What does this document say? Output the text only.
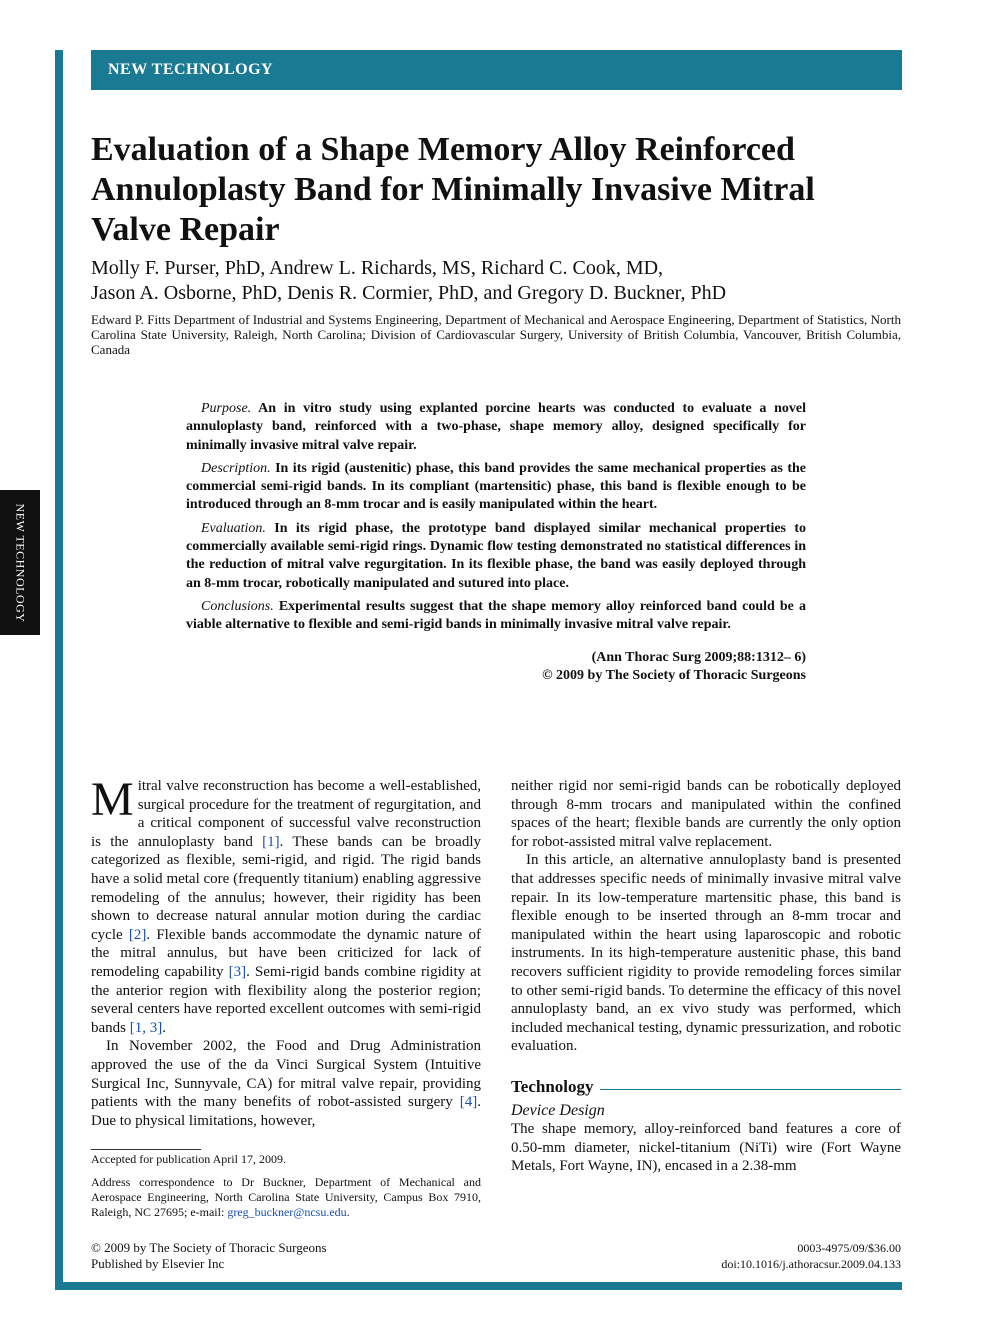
NEW TECHNOLOGY
NEW TECHNOLOGY
Evaluation of a Shape Memory Alloy Reinforced Annuloplasty Band for Minimally Invasive Mitral Valve Repair
Molly F. Purser, PhD, Andrew L. Richards, MS, Richard C. Cook, MD,
Jason A. Osborne, PhD, Denis R. Cormier, PhD, and Gregory D. Buckner, PhD
Edward P. Fitts Department of Industrial and Systems Engineering, Department of Mechanical and Aerospace Engineering, Department of Statistics, North Carolina State University, Raleigh, North Carolina; Division of Cardiovascular Surgery, University of British Columbia, Vancouver, British Columbia, Canada

Purpose. An in vitro study using explanted porcine hearts was conducted to evaluate a novel annuloplasty band, reinforced with a two-phase, shape memory alloy, designed specifically for minimally invasive mitral valve repair.

Description. In its rigid (austenitic) phase, this band provides the same mechanical properties as the commercial semi-rigid bands. In its compliant (martensitic) phase, this band is flexible enough to be introduced through an 8-mm trocar and is easily manipulated within the heart.

Evaluation. In its rigid phase, the prototype band displayed similar mechanical properties to commercially available semi-rigid rings. Dynamic flow testing demonstrated no statistical differences in the reduction of mitral valve regurgitation. In its flexible phase, the band was easily deployed through an 8-mm trocar, robotically manipulated and sutured into place.

Conclusions. Experimental results suggest that the shape memory alloy reinforced band could be a viable alternative to flexible and semi-rigid bands in minimally invasive mitral valve repair.

(Ann Thorac Surg 2009;88:1312– 6)
© 2009 by The Society of Thoracic Surgeons

Mitral valve reconstruction has become a well-established, surgical procedure for the treatment of regurgitation, and a critical component of successful valve reconstruction is the annuloplasty band [1]. These bands can be broadly categorized as flexible, semi-rigid, and rigid. The rigid bands have a solid metal core (frequently titanium) enabling aggressive remodeling of the annulus; however, their rigidity has been shown to decrease natural annular motion during the cardiac cycle [2]. Flexible bands accommodate the dynamic nature of the mitral annulus, but have been criticized for lack of remodeling capability [3]. Semi-rigid bands combine rigidity at the anterior region with flexibility along the posterior region; several centers have reported excellent outcomes with semi-rigid bands [1, 3].

In November 2002, the Food and Drug Administration approved the use of the da Vinci Surgical System (Intuitive Surgical Inc, Sunnyvale, CA) for mitral valve repair, providing patients with the many benefits of robot-assisted surgery [4]. Due to physical limitations, however,

neither rigid nor semi-rigid bands can be robotically deployed through 8-mm trocars and manipulated within the confined spaces of the heart; flexible bands are currently the only option for robot-assisted mitral valve replacement.

In this article, an alternative annuloplasty band is presented that addresses specific needs of minimally invasive mitral valve repair. In its low-temperature martensitic phase, this band is flexible enough to be inserted through an 8-mm trocar and manipulated within the heart using laparoscopic and robotic instruments. In its high-temperature austenitic phase, this band recovers sufficient rigidity to provide remodeling forces similar to other semi-rigid bands. To determine the efficacy of this novel annuloplasty band, an ex vivo study was performed, which included mechanical testing, dynamic pressurization, and robotic evaluation.

Technology
Device Design

The shape memory, alloy-reinforced band features a core of 0.50-mm diameter, nickel-titanium (NiTi) wire (Fort Wayne Metals, Fort Wayne, IN), encased in a 2.38-mm

Accepted for publication April 17, 2009.

Address correspondence to Dr Buckner, Department of Mechanical and Aerospace Engineering, North Carolina State University, Campus Box 7910, Raleigh, NC 27695; e-mail: greg_buckner@ncsu.edu.

© 2009 by The Society of Thoracic Surgeons
Published by Elsevier Inc
0003-4975/09/$36.00
doi:10.1016/j.athoracsur.2009.04.133
